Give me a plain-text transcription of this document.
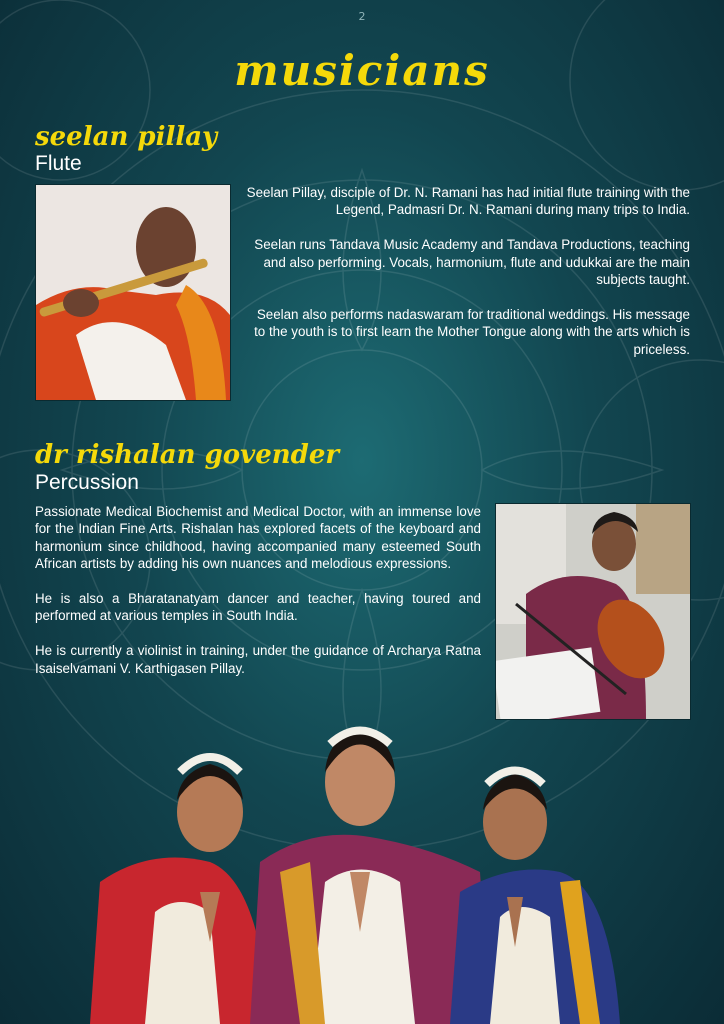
2
musicians
seelan pillay
Flute

Seelan Pillay, disciple of Dr. N. Ramani has had initial flute training with the Legend, Padmasri Dr. N. Ramani during many trips to India.

Seelan runs Tandava Music Academy and Tandava Productions, teaching and also performing. Vocals, harmonium, flute and udukkai are the main subjects taught.

Seelan also performs nadaswaram for traditional weddings. His message to the youth is to first learn the Mother Tongue along with the arts which is priceless.

dr rishalan govender
Percussion

Passionate Medical Biochemist and Medical Doctor, with an immense love for the Indian Fine Arts. Rishalan has explored facets of the keyboard and harmonium since childhood, having accompanied many esteemed South African artists by adding his own nuances and melodious expressions.

He is also a Bharatanatyam dancer and teacher, having toured and performed at various temples in South India.

He is currently a violinist in training, under the guidance of Archarya Ratna Isaiselvamani V. Karthigasen Pillay.
